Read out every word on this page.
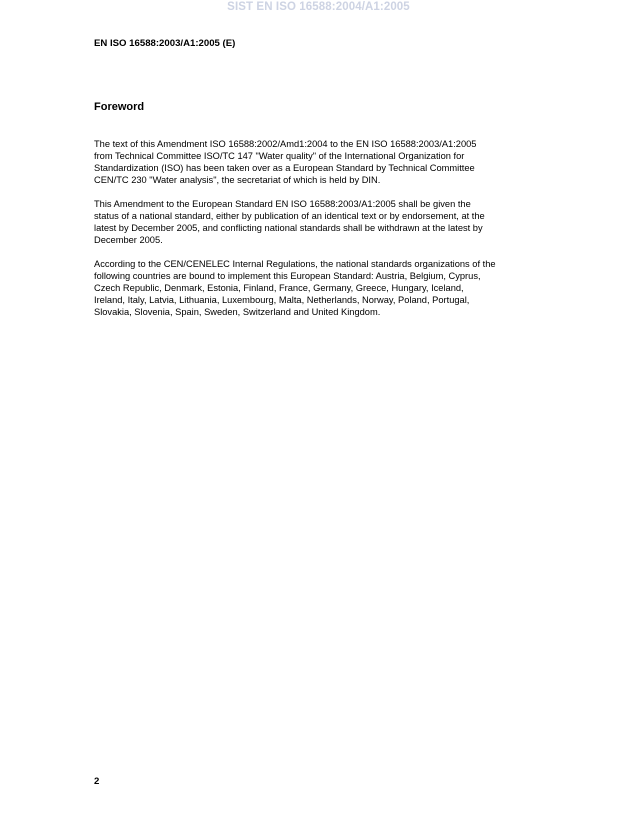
SIST EN ISO 16588:2004/A1:2005
EN ISO 16588:2003/A1:2005 (E)
Foreword

The text of this Amendment ISO 16588:2002/Amd1:2004 to the EN ISO 16588:2003/A1:2005
from Technical Committee ISO/TC 147 "Water quality" of the International Organization for
Standardization (ISO) has been taken over as a European Standard by Technical Committee
CEN/TC 230 "Water analysis", the secretariat of which is held by DIN.

This Amendment to the European Standard EN ISO 16588:2003/A1:2005 shall be given the
status of a national standard, either by publication of an identical text or by endorsement, at the
latest by December 2005, and conflicting national standards shall be withdrawn at the latest by
December 2005.

According to the CEN/CENELEC Internal Regulations, the national standards organizations of the
following countries are bound to implement this European Standard: Austria, Belgium, Cyprus,
Czech Republic, Denmark, Estonia, Finland, France, Germany, Greece, Hungary, Iceland,
Ireland, Italy, Latvia, Lithuania, Luxembourg, Malta, Netherlands, Norway, Poland, Portugal,
Slovakia, Slovenia, Spain, Sweden, Switzerland and United Kingdom.

2
